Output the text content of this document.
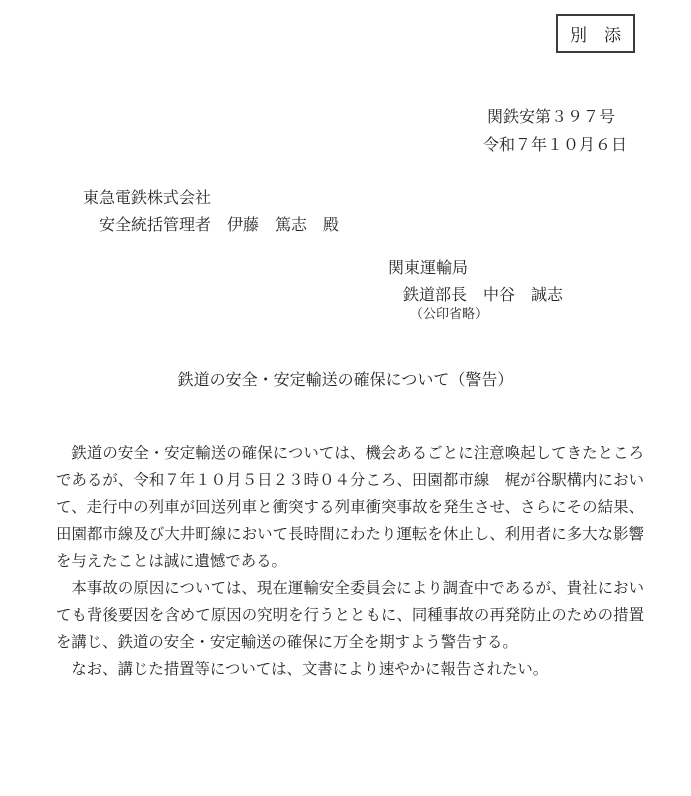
別　添
関鉄安第３９７号
令和７年１０月６日
東急電鉄株式会社
安全統括管理者　伊藤　篤志　殿
関東運輸局
鉄道部長　中谷　誠志
（公印省略）
鉄道の安全・安定輸送の確保について（警告）

鉄道の安全・安定輸送の確保については、機会あるごとに注意喚起してきたところであるが、令和７年１０月５日２３時０４分ころ、田園都市線　梶が谷駅構内において、走行中の列車が回送列車と衝突する列車衝突事故を発生させ、さらにその結果、田園都市線及び大井町線において長時間にわたり運転を休止し、利用者に多大な影響を与えたことは誠に遺憾である。

本事故の原因については、現在運輸安全委員会により調査中であるが、貴社においても背後要因を含めて原因の究明を行うとともに、同種事故の再発防止のための措置を講じ、鉄道の安全・安定輸送の確保に万全を期すよう警告する。

なお、講じた措置等については、文書により速やかに報告されたい。
